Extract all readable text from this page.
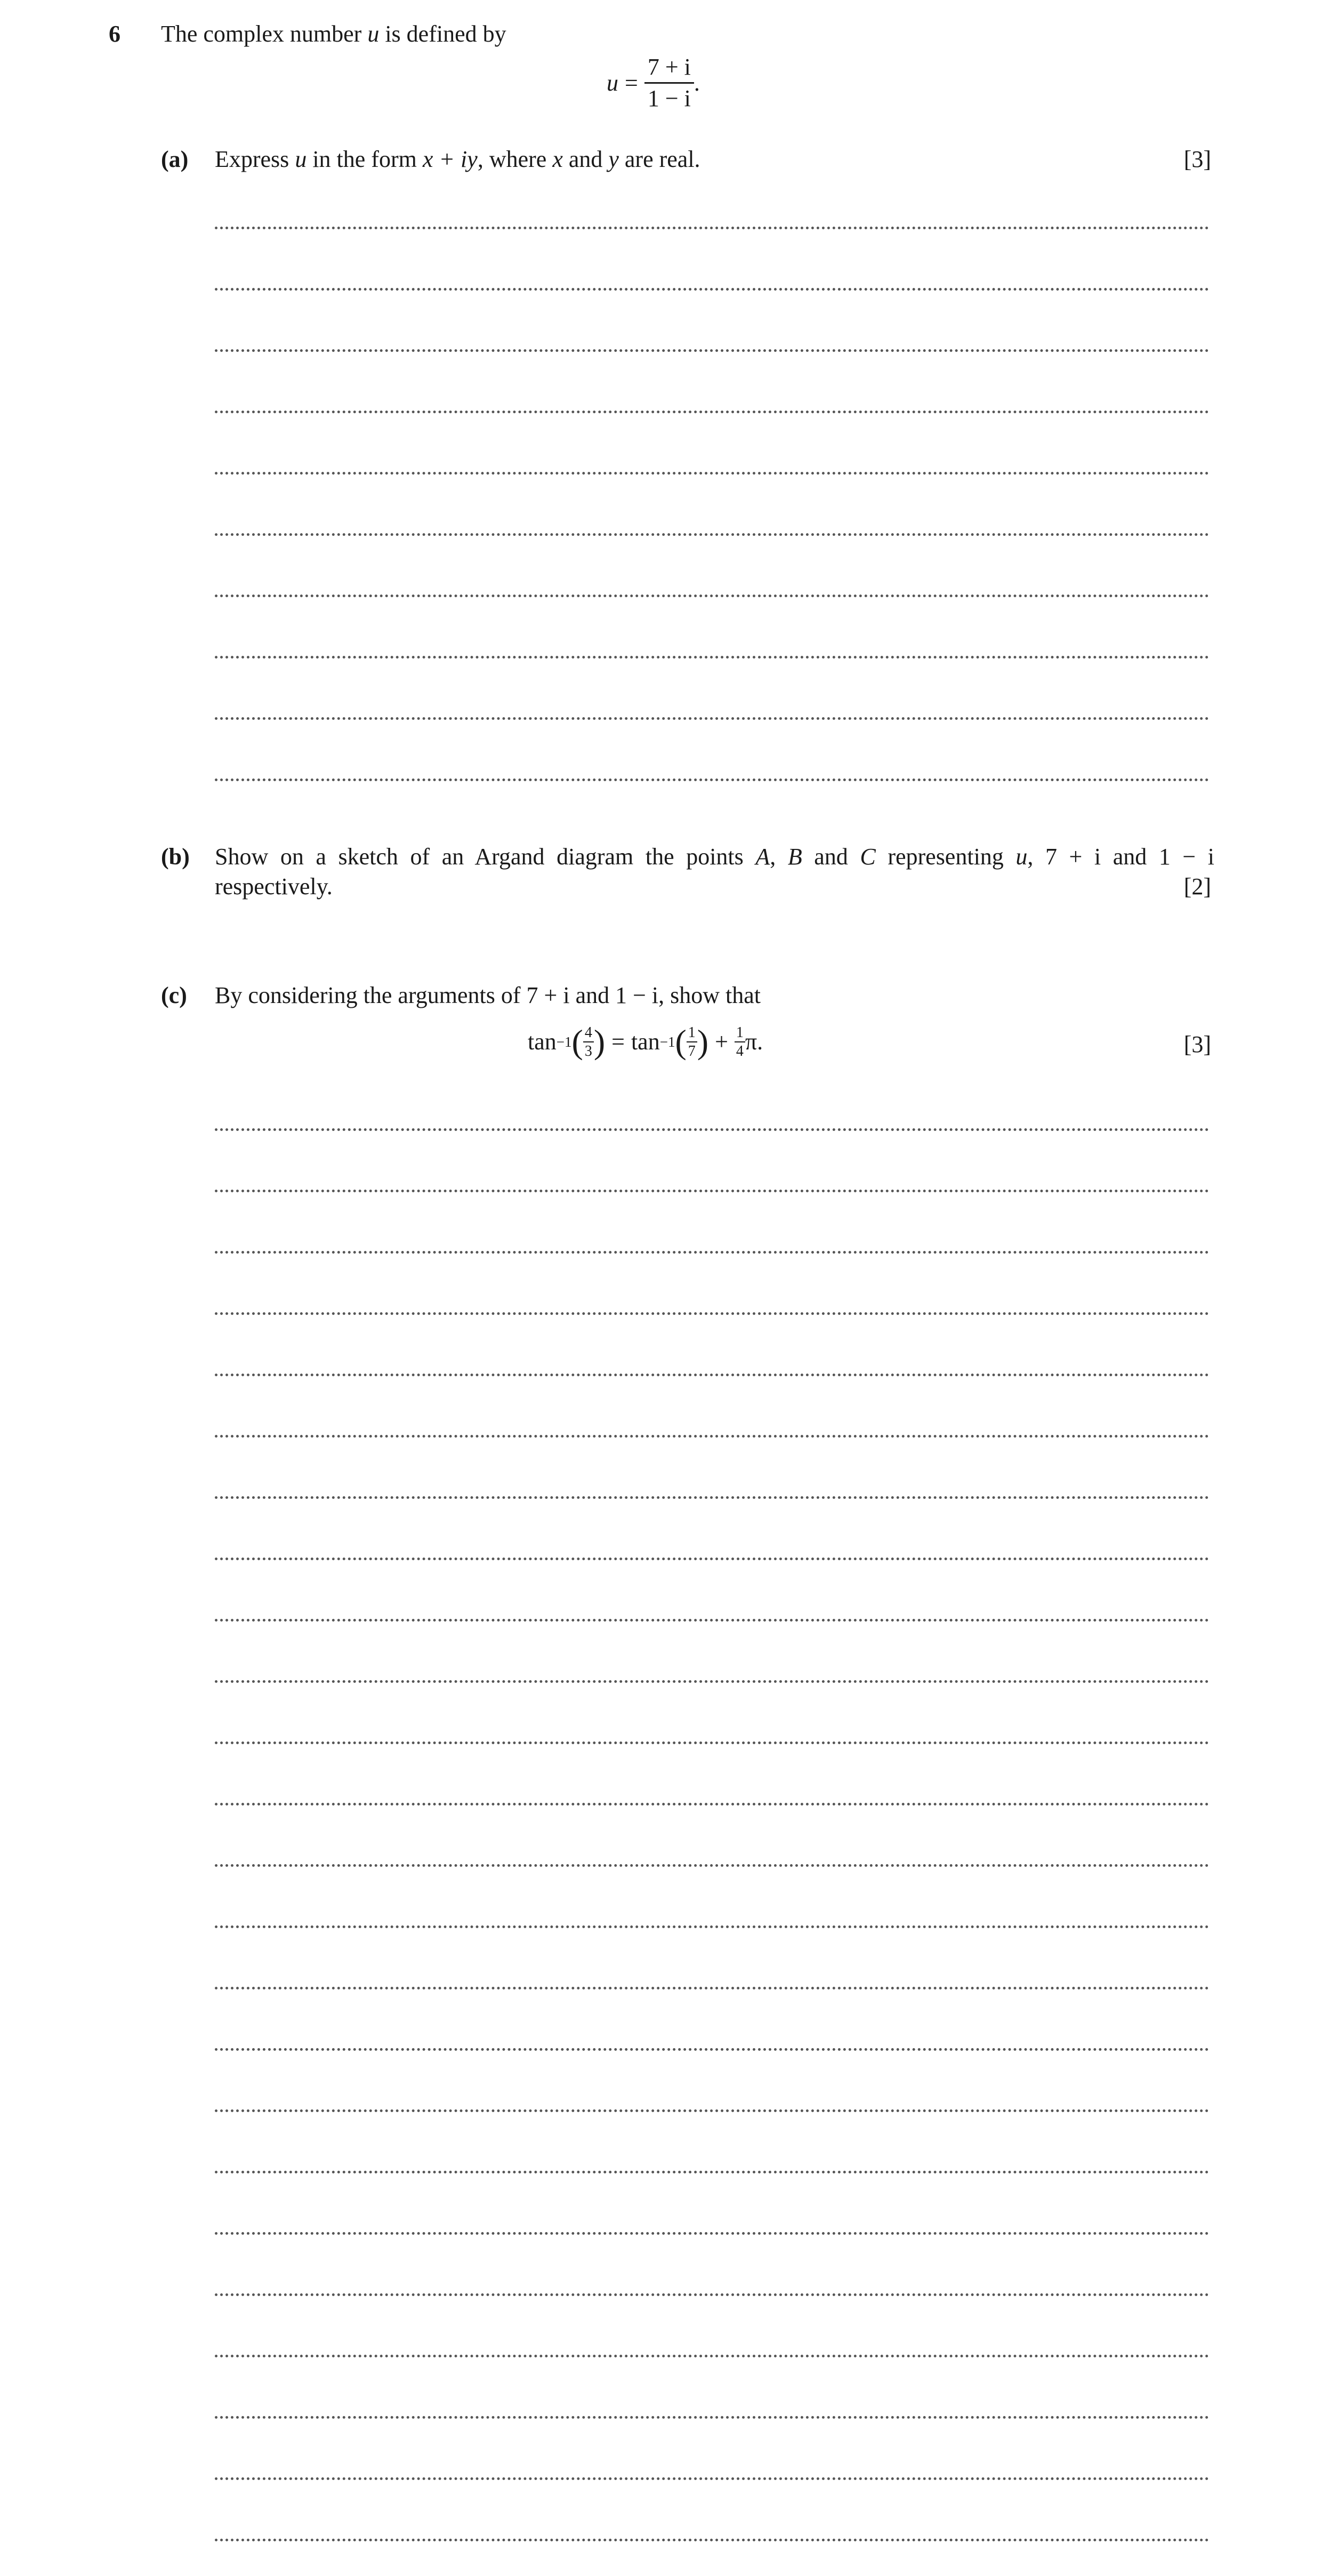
6 The complex number u is defined by
$u = \frac{7 + i}{1 - i}$ .
(a) Express u in the form x + iy, where x and y are real.	[3]
(b) Show on a sketch of an Argand diagram the points A, B and C representing u, 7 + i and 1 − i
respectively.	[2]
(c) By considering the arguments of 7 + i and 1 − i, show that
tan −1 ( 4
3 ) = tan −1 ( 1
7 ) + $\frac{1}{4} \pi$.	[3]
